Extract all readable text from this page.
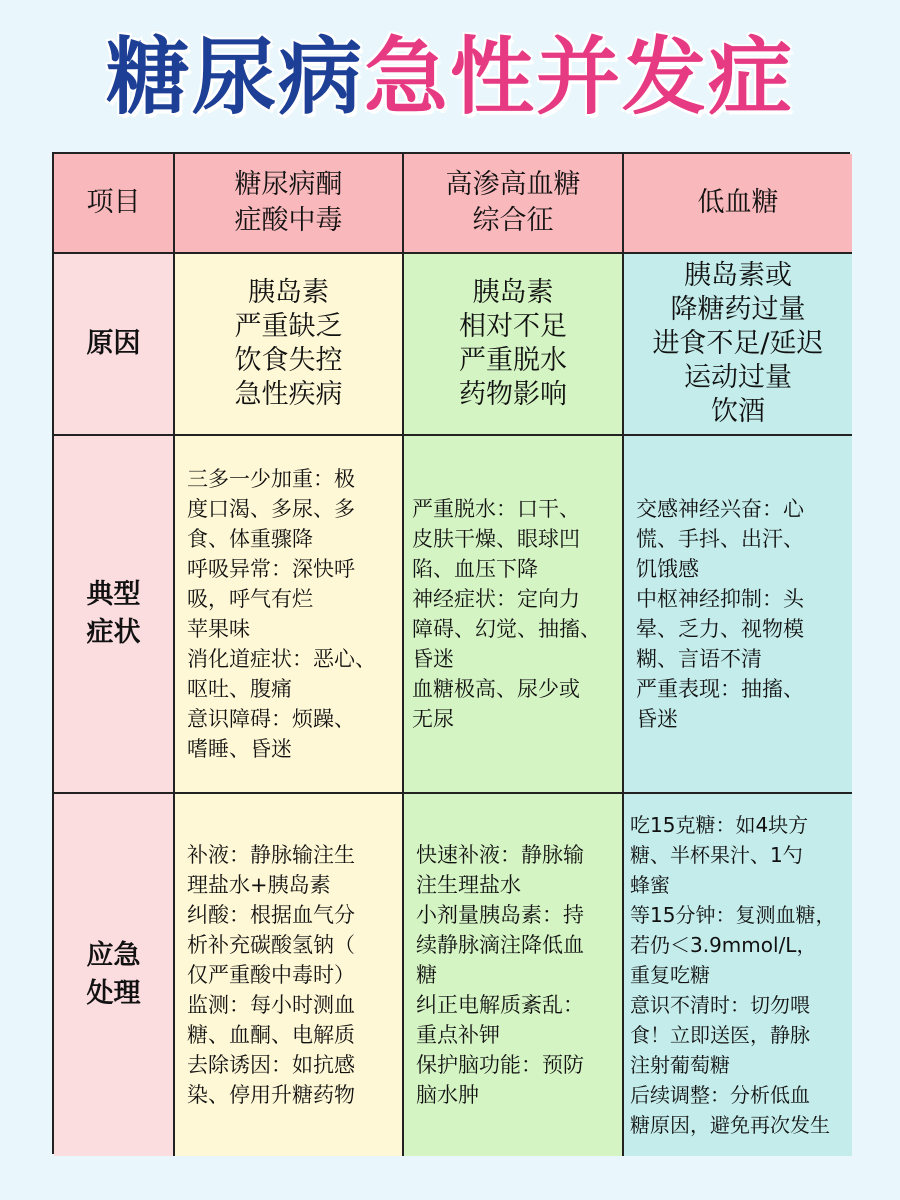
糖尿病急性并发症
项目
糖尿病酮
症酸中毒
高渗高血糖
综合征
低血糖
原因
胰岛素
严重缺乏
饮食失控
急性疾病
胰岛素
相对不足
严重脱水
药物影响
胰岛素或
降糖药过量
进食不足/延迟
运动过量
饮酒
典型
症状
三多一少加重：极
度口渴、多尿、多
食、体重骤降
呼吸异常：深快呼
吸，呼气有烂
苹果味
消化道症状：恶心、
呕吐、腹痛
意识障碍：烦躁、
嗜睡、昏迷
严重脱水：口干、
皮肤干燥、眼球凹
陷、血压下降
神经症状：定向力
障碍、幻觉、抽搐、
昏迷
血糖极高、尿少或
无尿
交感神经兴奋：心
慌、手抖、出汗、
饥饿感
中枢神经抑制：头
晕、乏力、视物模
糊、言语不清
严重表现：抽搐、
昏迷
应急
处理
补液：静脉输注生
理盐水+胰岛素
纠酸：根据血气分
析补充碳酸氢钠（
仅严重酸中毒时）
监测：每小时测血
糖、血酮、电解质
去除诱因：如抗感
染、停用升糖药物
快速补液：静脉输
注生理盐水
小剂量胰岛素：持
续静脉滴注降低血
糖
纠正电解质紊乱：
重点补钾
保护脑功能：预防
脑水肿
吃15克糖：如4块方
糖、半杯果汁、1勺
蜂蜜
等15分钟：复测血糖，
若仍＜3.9mmol/L，
重复吃糖
意识不清时：切勿喂
食！立即送医，静脉
注射葡萄糖
后续调整：分析低血
糖原因，避免再次发生
